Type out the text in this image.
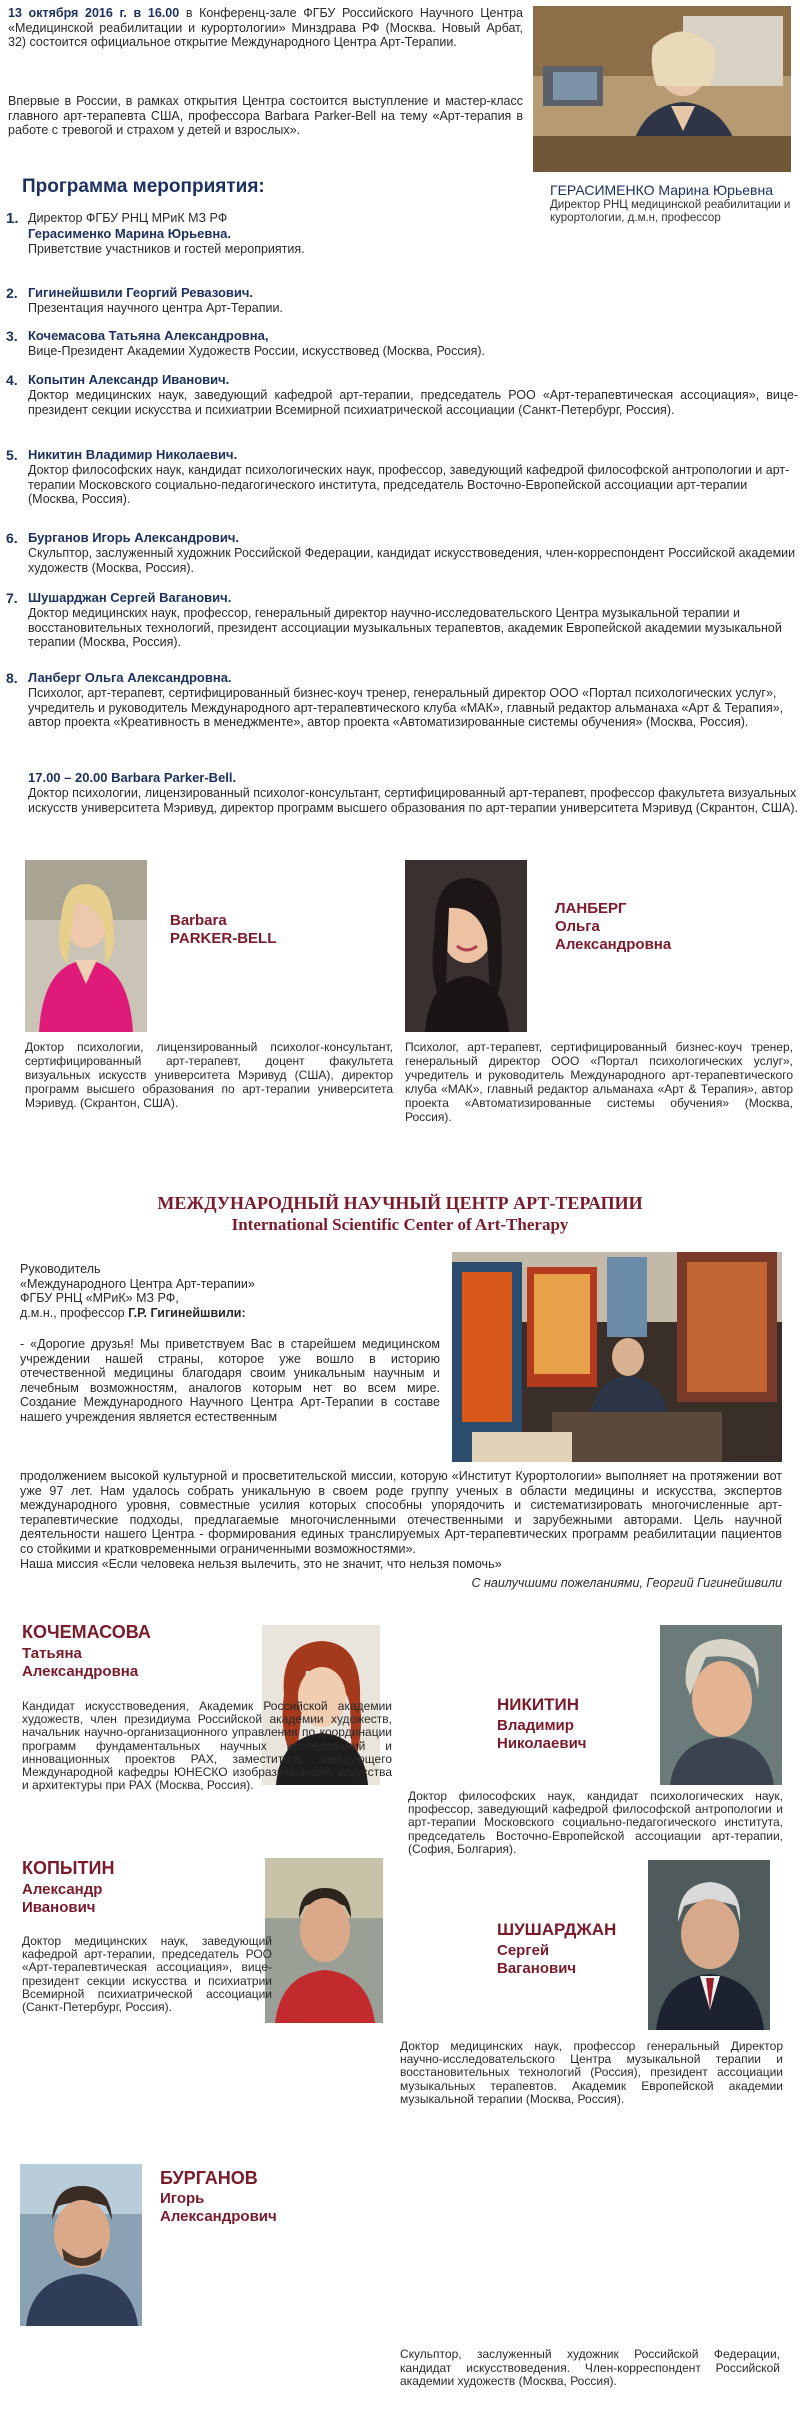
13 октября 2016 г. в 16.00 в Конференц-зале ФГБУ Российского Научного Центра «Медицинской реабилитации и курортологии» Минздрава РФ (Москва. Новый Арбат, 32) состоится официальное открытие Международного Центра Арт-Терапии.
Впервые в России, в рамках открытия Центра состоится выступление и мастер-класс главного арт-терапевта США, профессора Barbara Parker-Bell на тему «Арт-терапия в работе с тревогой и страхом у детей и взрослых».
ГЕРАСИМЕНКО Марина Юрьевна
Директор РНЦ медицинской реабилитации и курортологии, д.м.н, профессор
Программа мероприятия:
1. Директор ФГБУ РНЦ МРиК МЗ РФ
Герасименко Марина Юрьевна.
Приветствие участников и гостей мероприятия.
2. Гигинейшвили Георгий Ревазович.
Презентация научного центра Арт-Терапии.
3. Кочемасова Татьяна Александровна,
Вице-Президент Академии Художеств России, искусствовед (Москва, Россия).
4. Копытин Александр Иванович.
Доктор медицинских наук, заведующий кафедрой арт-терапии, председатель РОО «Арт-терапевтическая ассоциация», вице-президент секции искусства и психиатрии Всемирной психиатрической ассоциации (Санкт-Петербург, Россия).
5. Никитин Владимир Николаевич.
Доктор философских наук, кандидат психологических наук, профессор, заведующий кафедрой философской антропологии и арт-терапии Московского социально-педагогического института, председатель Восточно-Европейской ассоциации арт-терапии (Москва, Россия).
6. Бурганов Игорь Александрович.
Скульптор, заслуженный художник Российской Федерации, кандидат искусствоведения, член-корреспондент Российской академии художеств (Москва, Россия).
7. Шушарджан Сергей Ваганович.
Доктор медицинских наук, профессор, генеральный директор научно-исследовательского Центра музыкальной терапии и восстановительных технологий, президент ассоциации музыкальных терапевтов, академик Европейской академии музыкальной терапии (Москва, Россия).
8. Ланберг Ольга Александровна.
Психолог, арт-терапевт, сертифицированный бизнес-коуч тренер, генеральный директор ООО «Портал психологических услуг», учредитель и руководитель Международного арт-терапевтического клуба «МАК», главный редактор альманаха «Арт & Терапия», автор проекта «Креативность в менеджменте», автор проекта «Автоматизированные системы обучения» (Москва, Россия).
17.00 – 20.00 Barbara Parker-Bell.
Доктор психологии, лицензированный психолог-консультант, сертифицированный арт-терапевт, профессор факультета визуальных искусств университета Мэривуд, директор программ высшего образования по арт-терапии университета Мэривуд (Скрантон, США).
Barbara
PARKER-BELL
Доктор психологии, лицензированный психолог-консультант, сертифицированный арт-терапевт, доцент факультета визуальных искусств университета Мэривуд (США), директор программ высшего образования по арт-терапии университета Мэривуд. (Скрантон, США).
ЛАНБЕРГ
Ольга
Александровна
Психолог, арт-терапевт, сертифицированный бизнес-коуч тренер, генеральный директор ООО «Портал психологических услуг», учредитель и руководитель Международного арт-терапевтического клуба «МАК», главный редактор альманаха «Арт & Терапия», автор проекта «Автоматизированные системы обучения» (Москва, Россия).
МЕЖДУНАРОДНЫЙ НАУЧНЫЙ ЦЕНТР АРТ-ТЕРАПИИ
International Scientific Center of Art-Therapy
Руководитель
«Международного Центра Арт-терапии»
ФГБУ РНЦ «МРиК» МЗ РФ,
д.м.н., профессор Г.Р. Гигинейшвили:
- «Дорогие друзья! Мы приветствуем Вас в старейшем медицинском учреждении нашей страны, которое уже вошло в историю отечественной медицины благодаря своим уникальным научным и лечебным возможностям, аналогов которым нет во всем мире. Создание Международного Научного Центра Арт-Терапии в составе нашего учреждения является естественным
продолжением высокой культурной и просветительской миссии, которую «Институт Курортологии» выполняет на протяжении вот уже 97 лет. Нам удалось собрать уникальную в своем роде группу ученых в области медицины и искусства, экспертов международного уровня, совместные усилия которых способны упорядочить и систематизировать многочисленные арт-терапевтические подходы, предлагаемые многочисленными отечественными и зарубежными авторами. Цель научной деятельности нашего Центра - формирования единых транслируемых Арт-терапевтических программ реабилитации пациентов со стойкими и кратковременными ограниченными возможностями».
Наша миссия «Если человека нельзя вылечить, это не значит, что нельзя помочь»
С наилучшими пожеланиями, Георгий Гигинейшвили
КОЧЕМАСОВА
Татьяна
Александровна
Кандидат искусствоведения, Академик Российской академии художеств, член президиума Российской академии художеств, начальник научно-организационного управления по координации программ фундаментальных научных исследований и инновационных проектов РАХ, заместитель заведующего Международной кафедры ЮНЕСКО изобразительного искусства и архитектуры при РАХ (Москва, Россия).
НИКИТИН
Владимир
Николаевич
Доктор философских наук, кандидат психологических наук, профессор, заведующий кафедрой философской антропологии и арт-терапии Московского социально-педагогического института, председатель Восточно-Европейской ассоциации арт-терапии, (София, Болгария).
КОПЫТИН
Александр
Иванович
Доктор медицинских наук, заведующий кафедрой арт-терапии, председатель РОО «Арт-терапевтическая ассоциация», вице-президент секции искусства и психиатрии Всемирной психиатрической ассоциации (Санкт-Петербург, Россия).
ШУШАРДЖАН
Сергей
Ваганович
Доктор медицинских наук, профессор генеральный Директор научно-исследовательского Центра музыкальной терапии и восстановительных технологий (Россия), президент ассоциации музыкальных терапевтов. Академик Европейской академии музыкальной терапии (Москва, Россия).
БУРГАНОВ
Игорь
Александрович
Скульптор, заслуженный художник Российской Федерации, кандидат искусствоведения. Член-корреспондент Российской академии художеств (Москва, Россия).
